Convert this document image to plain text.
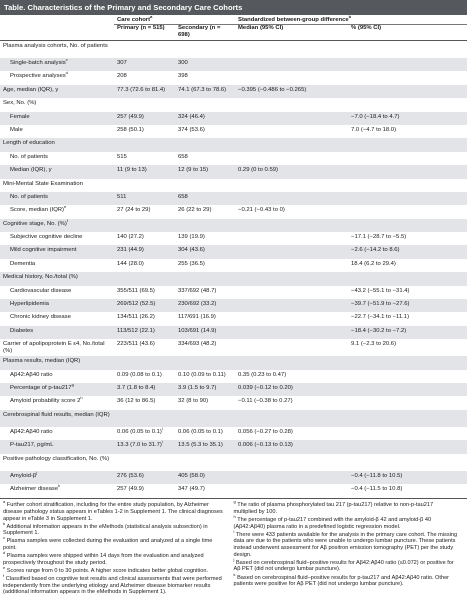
Table. Characteristics of the Primary and Secondary Care Cohorts
	Care cohort$^a$		Standardized between-group difference$^b$
	Primary (n = 515)	Secondary (n = 698)	Median (95% CI)	% (95% CI)
Plasma analysis cohorts, No. of patients				
Single-batch analysis$^c$	307	300		
Prospective analyses$^d$	208	398		
Age, median (IQR), y	77.3 (72.6 to 81.4)	74.1 (67.3 to 78.6)	−0.395 (−0.486 to −0.265)	
Sex, No. (%)				
Female	257 (49.9)	324 (46.4)		−7.0 (−18.4 to 4.7)
Male	258 (50.1)	374 (53.6)		7.0 (−4.7 to 18.0)
Length of education				
No. of patients	515	658		
Median (IQR), y	11 (9 to 13)	12 (9 to 15)	0.29 (0 to 0.59)	
Mini-Mental State Examination				
No. of patients	511	658		
Score, median (IQR)$^e$	27 (24 to 29)	26 (22 to 29)	−0.21 (−0.43 to 0)	
Cognitive stage, No. (%)$^f$				
Subjective cognitive decline	140 (27.2)	139 (19.9)		−17.1 (−28.7 to −5.5)
Mild cognitive impairment	231 (44.9)	304 (43.6)		−2.6 (−14.2 to 8.6)
Dementia	144 (28.0)	255 (36.5)		18.4 (6.2 to 29.4)
Medical history, No./total (%)				
Cardiovascular disease	355/511 (69.5)	337/692 (48.7)		−43.2 (−55.1 to −31.4)
Hyperlipidemia	269/512 (52.5)	230/692 (33.2)		−39.7 (−51.9 to −27.6)
Chronic kidney disease	134/511 (26.2)	117/691 (16.9)		−22.7 (−34.1 to −11.1)
Diabetes	113/512 (22.1)	103/691 (14.9)		−18.4 (−30.2 to −7.2)
Carrier of apolipoprotein E ε4, No./total (%)	223/511 (43.6)	334/693 (48.2)		9.1 (−2.3 to 20.6)
Plasma results, median (IQR)				
Aβ42:Aβ40 ratio	0.09 (0.08 to 0.1)	0.10 (0.09 to 0.11)	0.35 (0.23 to 0.47)	
Percentage of p-tau217$^g$	3.7 (1.8 to 8.4)	3.9 (1.5 to 9.7)	0.039 (−0.12 to 0.20)	
Amyloid probability score 2$^h$	36 (12 to 86.5)	32 (8 to 90)	−0.11 (−0.38 to 0.27)	
Cerebrospinal fluid results, median (IQR)				
Aβ42:Aβ40 ratio	0.06 (0.05 to 0.1)$^i$	0.06 (0.05 to 0.1)	0.056 (−0.27 to 0.28)	
P-tau217, pg/mL	13.3 (7.0 to 31.7)$^i$	13.5 (5.3 to 35.1)	0.006 (−0.13 to 0.13)	
Positive pathology classification, No. (%)				
Amyloid-$\beta^j$	276 (53.6)	405 (58.0)		−0.4 (−11.8 to 10.5)
Alzheimer disease$^k$	257 (49.9)	347 (49.7)		−0.4 (−11.5 to 10.8)
$^a$ Further cohort stratification, including for the entire study population, by Alzheimer disease pathology status appears in eTables 1-2 in Supplement 1. The clinical diagnoses appear in eTable 3 in Supplement 1.
$^b$ Additional information appears in the eMethods (statistical analysis subsection) in Supplement 1.
$^c$ Plasma samples were collected during the evaluation and analyzed at a single time point.
$^d$ Plasma samples were shipped within 14 days from the evaluation and analyzed prospectively throughout the study period.
$^e$ Scores range from 0 to 30 points. A higher score indicates better global cognition.
$^f$ Classified based on cognitive test results and clinical assessments that were performed independently from the underlying etiology and Alzheimer disease biomarker results (additional information appears in the eMethods in Supplement 1).
$^g$ The ratio of plasma phosphorylated tau 217 (p-tau217) relative to non-p-tau217 multiplied by 100.
$^h$ The percentage of p-tau217 combined with the amyloid-β 42 and amyloid-β 40 (Aβ42:Aβ40) plasma ratio in a predefined logistic regression model.
$^i$ There were 433 patients available for the analysis in the primary care cohort. The missing data are due to the patients who were unable to undergo lumbar puncture. These patients instead underwent assessment for Aβ positron emission tomography (PET) per the study design.
$^j$ Based on cerebrospinal fluid–positive results for Aβ42:Aβ40 ratio (≤0.072) or positive for Aβ PET (did not undergo lumbar puncture).
$^k$ Based on cerebrospinal fluid–positive results for p-tau217 and Aβ42:Aβ40 ratio. Other patients were positive for Aβ PET (did not undergo lumbar puncture).
